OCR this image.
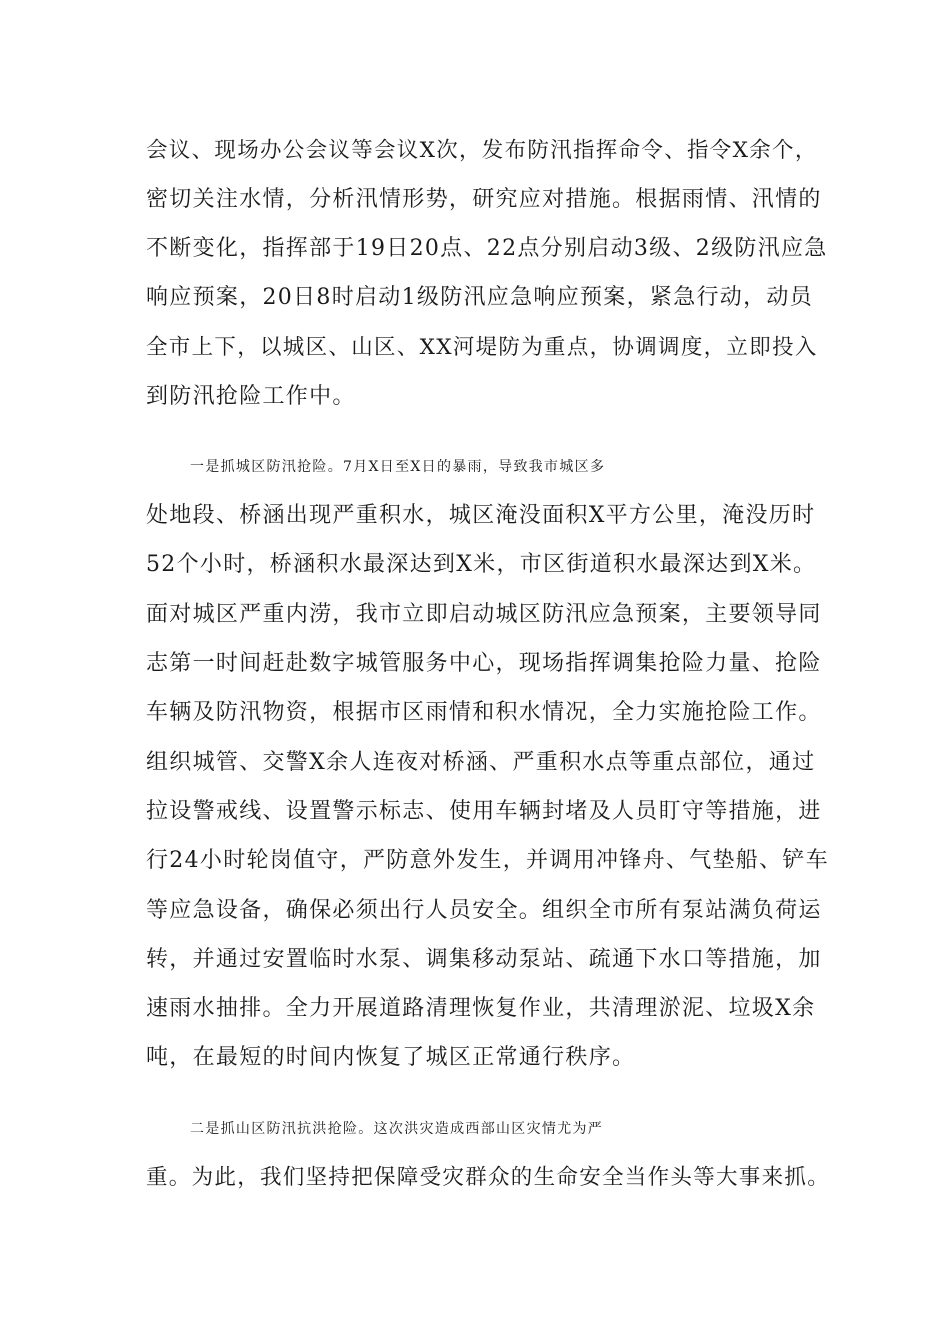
会议、现场办公会议等会议X次，发布防汛指挥命令、指令X余个，

密切关注水情，分析汛情形势，研究应对措施。根据雨情、汛情的

不断变化，指挥部于19日20点、22点分别启动3级、2级防汛应急

响应预案，20日8时启动1级防汛应急响应预案，紧急行动，动员

全市上下，以城区、山区、XX河堤防为重点，协调调度，立即投入

到防汛抢险工作中。

一是抓城区防汛抢险。7月X日至X日的暴雨，导致我市城区多

处地段、桥涵出现严重积水，城区淹没面积X平方公里，淹没历时

52个小时，桥涵积水最深达到X米，市区街道积水最深达到X米。

面对城区严重内涝，我市立即启动城区防汛应急预案，主要领导同

志第一时间赶赴数字城管服务中心，现场指挥调集抢险力量、抢险

车辆及防汛物资，根据市区雨情和积水情况，全力实施抢险工作。

组织城管、交警X余人连夜对桥涵、严重积水点等重点部位，通过

拉设警戒线、设置警示标志、使用车辆封堵及人员盯守等措施，进

行24小时轮岗值守，严防意外发生，并调用冲锋舟、气垫船、铲车

等应急设备，确保必须出行人员安全。组织全市所有泵站满负荷运

转，并通过安置临时水泵、调集移动泵站、疏通下水口等措施，加

速雨水抽排。全力开展道路清理恢复作业，共清理淤泥、垃圾X余

吨，在最短的时间内恢复了城区正常通行秩序。

二是抓山区防汛抗洪抢险。这次洪灾造成西部山区灾情尤为严

重。为此，我们坚持把保障受灾群众的生命安全当作头等大事来抓。
